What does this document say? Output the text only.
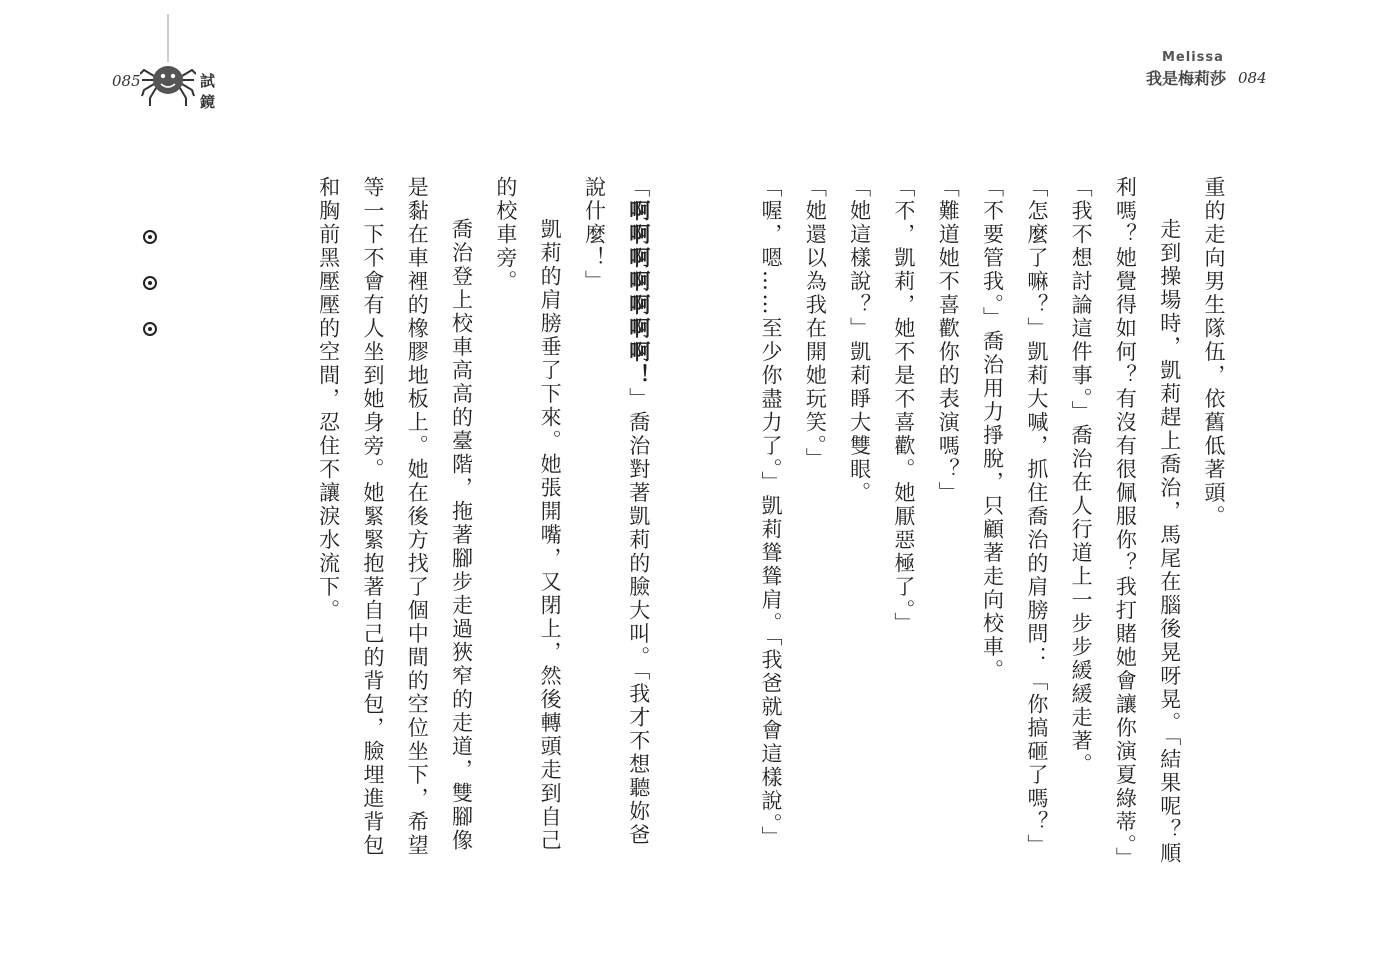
085	試鏡
Melissa
我是梅莉莎 084

重的走向男生隊伍，依舊低著頭。

走到操場時，凱莉趕上喬治，馬尾在腦後晃呀晃。「結果呢？順利嗎？她覺得如何？有沒有很佩服你？我打賭她會讓你演夏綠蒂。」

「我不想討論這件事。」喬治在人行道上一步步緩緩走著。

「怎麼了嘛？」凱莉大喊，抓住喬治的肩膀問：「你搞砸了嗎？」

「不要管我。」喬治用力掙脫，只顧著走向校車。

「難道她不喜歡你的表演嗎？」

「不，凱莉，她不是不喜歡。她厭惡極了。」

「她這樣說？」凱莉睜大雙眼。

「她還以為我在開她玩笑。」

「喔，嗯……至少你盡力了。」凱莉聳聳肩。「我爸就會這樣說。」

「啊啊啊啊啊啊啊！」喬治對著凱莉的臉大叫。「我才不想聽妳爸說什麼！」

凱莉的肩膀垂了下來。她張開嘴，又閉上，然後轉頭走到自己的校車旁。

喬治登上校車高高的臺階，拖著腳步走過狹窄的走道，雙腳像是黏在車裡的橡膠地板上。她在後方找了個中間的空位坐下，希望等一下不會有人坐到她身旁。她緊緊抱著自己的背包，臉埋進背包和胸前黑壓壓的空間，忍住不讓淚水流下。
